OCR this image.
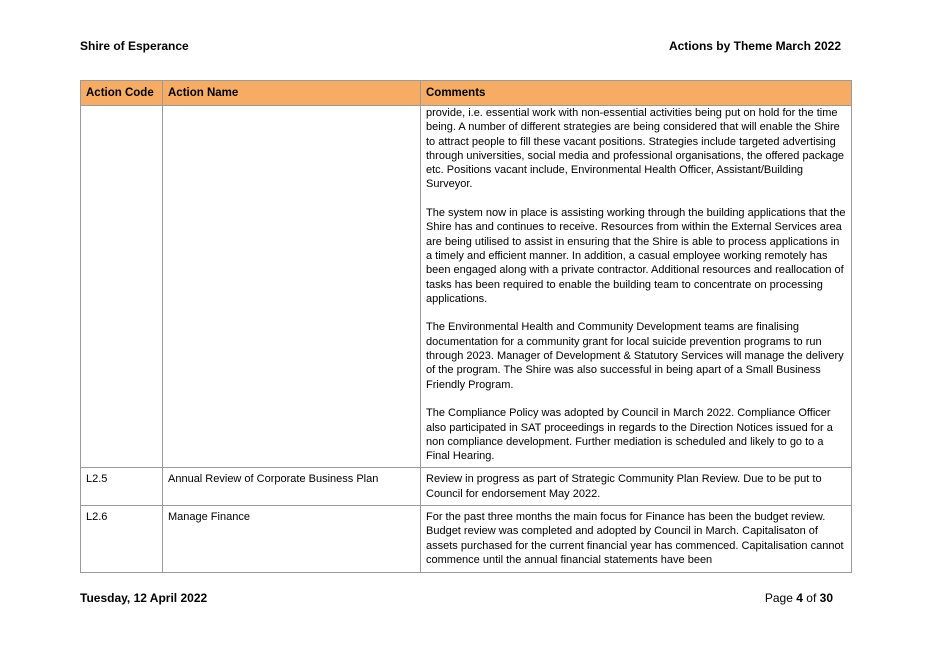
Shire of Esperance	Actions by Theme March 2022
Action Code	Action Name	Comments

		provide, i.e. essential work with non-essential activities being put on hold for the time being. A number of different strategies are being considered that will enable the Shire to attract people to fill these vacant positions. Strategies include targeted advertising through universities, social media and professional organisations, the offered package etc. Positions vacant include, Environmental Health Officer, Assistant/Building Surveyor.

The system now in place is assisting working through the building applications that the Shire has and continues to receive. Resources from within the External Services area are being utilised to assist in ensuring that the Shire is able to process applications in a timely and efficient manner. In addition, a casual employee working remotely has been engaged along with a private contractor. Additional resources and reallocation of tasks has been required to enable the building team to concentrate on processing applications.

The Environmental Health and Community Development teams are finalising documentation for a community grant for local suicide prevention programs to run through 2023. Manager of Development & Statutory Services will manage the delivery of the program. The Shire was also successful in being apart of a Small Business Friendly Program.

The Compliance Policy was adopted by Council in March 2022. Compliance Officer also participated in SAT proceedings in regards to the Direction Notices issued for a non compliance development. Further mediation is scheduled and likely to go to a Final Hearing.

L2.5	Annual Review of Corporate Business Plan	Review in progress as part of Strategic Community Plan Review. Due to be put to Council for endorsement May 2022.
L2.6	Manage Finance	For the past three months the main focus for Finance has been the budget review. Budget review was completed and adopted by Council in March. Capitalisaton of assets purchased for the current financial year has commenced. Capitalisation cannot commence until the annual financial statements have been
Tuesday, 12 April 2022	Page 4 of 30
